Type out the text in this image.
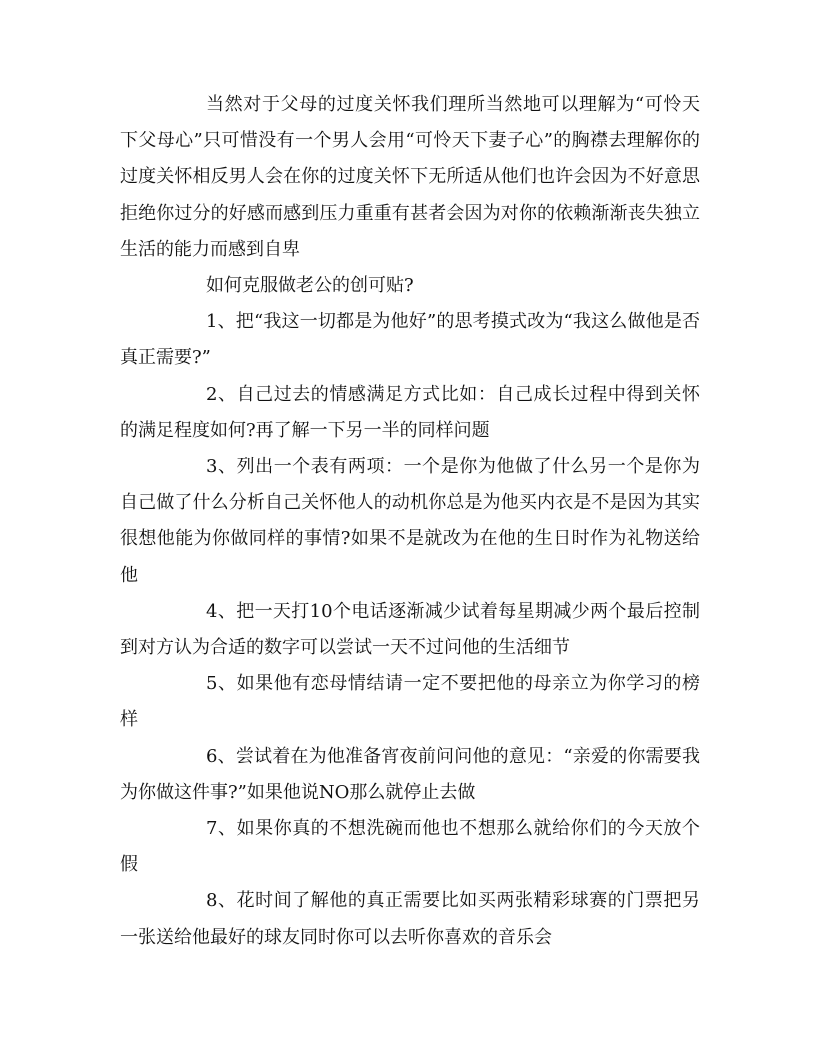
当然对于父母的过度关怀我们理所当然地可以理解为“可怜天下父母心”只可惜没有一个男人会用“可怜天下妻子心”的胸襟去理解你的过度关怀相反男人会在你的过度关怀下无所适从他们也许会因为不好意思拒绝你过分的好感而感到压力重重有甚者会因为对你的依赖渐渐丧失独立生活的能力而感到自卑

如何克服做老公的创可贴?

1、把“我这一切都是为他好”的思考摸式改为“我这么做他是否真正需要?”

2、自己过去的情感满足方式比如：自己成长过程中得到关怀的满足程度如何?再了解一下另一半的同样问题

3、列出一个表有两项：一个是你为他做了什么另一个是你为自己做了什么分析自己关怀他人的动机你总是为他买内衣是不是因为其实很想他能为你做同样的事情?如果不是就改为在他的生日时作为礼物送给他

4、把一天打10个电话逐渐减少试着每星期减少两个最后控制到对方认为合适的数字可以尝试一天不过问他的生活细节

5、如果他有恋母情结请一定不要把他的母亲立为你学习的榜样

6、尝试着在为他准备宵夜前问问他的意见：“亲爱的你需要我为你做这件事?”如果他说NO那么就停止去做

7、如果你真的不想洗碗而他也不想那么就给你们的今天放个假

8、花时间了解他的真正需要比如买两张精彩球赛的门票把另一张送给他最好的球友同时你可以去听你喜欢的音乐会
